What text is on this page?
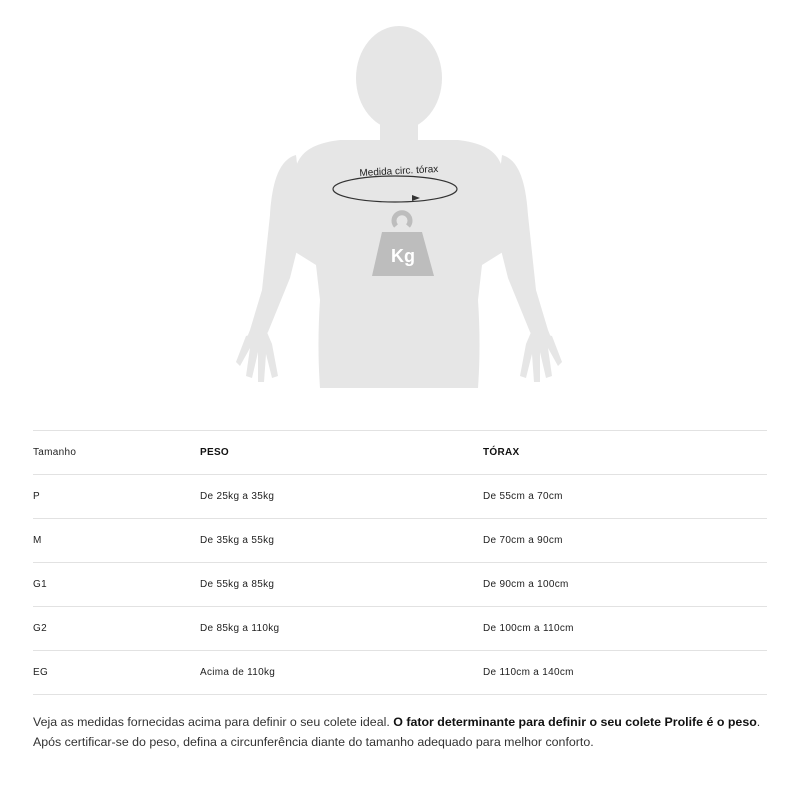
Medida circ. tórax
Kg
Tamanho	PESO	TÓRAX
P	De 25kg a 35kg	De 55cm a 70cm
M	De 35kg a 55kg	De 70cm a 90cm
G1	De 55kg a 85kg	De 90cm a 100cm
G2	De 85kg a 110kg	De 100cm a 110cm
EG	Acima de 110kg	De 110cm a 140cm

Veja as medidas fornecidas acima para definir o seu colete ideal. O fator determinante para definir o seu colete Prolife é o peso. Após certificar-se do peso, defina a circunferência diante do tamanho adequado para melhor conforto.
